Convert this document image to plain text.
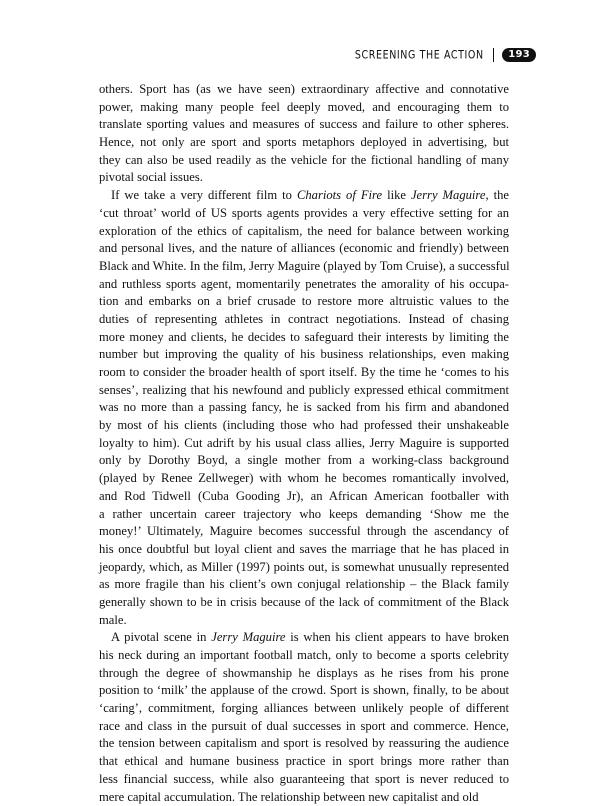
SCREENING THE ACTION	193
others. Sport has (as we have seen) extraordinary affective and connotative
power, making many people feel deeply moved, and encouraging them to
translate sporting values and measures of success and failure to other spheres.
Hence, not only are sport and sports metaphors deployed in advertising, but
they can also be used readily as the vehicle for the fictional handling of many
pivotal social issues.
If we take a very different film to Chariots of Fire like Jerry Maguire, the
‘cut throat’ world of US sports agents provides a very effective setting for an
exploration of the ethics of capitalism, the need for balance between working
and personal lives, and the nature of alliances (economic and friendly) between
Black and White. In the film, Jerry Maguire (played by Tom Cruise), a successful
and ruthless sports agent, momentarily penetrates the amorality of his occupa-
tion and embarks on a brief crusade to restore more altruistic values to the
duties of representing athletes in contract negotiations. Instead of chasing
more money and clients, he decides to safeguard their interests by limiting the
number but improving the quality of his business relationships, even making
room to consider the broader health of sport itself. By the time he ‘comes to his
senses’, realizing that his newfound and publicly expressed ethical commitment
was no more than a passing fancy, he is sacked from his firm and abandoned
by most of his clients (including those who had professed their unshakeable
loyalty to him). Cut adrift by his usual class allies, Jerry Maguire is supported
only by Dorothy Boyd, a single mother from a working-class background
(played by Renee Zellweger) with whom he becomes romantically involved,
and Rod Tidwell (Cuba Gooding Jr), an African American footballer with
a rather uncertain career trajectory who keeps demanding ‘Show me the
money!’ Ultimately, Maguire becomes successful through the ascendancy of
his once doubtful but loyal client and saves the marriage that he has placed in
jeopardy, which, as Miller (1997) points out, is somewhat unusually represented
as more fragile than his client’s own conjugal relationship – the Black family
generally shown to be in crisis because of the lack of commitment of the Black
male.
A pivotal scene in Jerry Maguire is when his client appears to have broken
his neck during an important football match, only to become a sports celebrity
through the degree of showmanship he displays as he rises from his prone
position to ‘milk’ the applause of the crowd. Sport is shown, finally, to be about
‘caring’, commitment, forging alliances between unlikely people of different
race and class in the pursuit of dual successes in sport and commerce. Hence,
the tension between capitalism and sport is resolved by reassuring the audience
that ethical and humane business practice in sport brings more rather than
less financial success, while also guaranteeing that sport is never reduced to
mere capital accumulation. The relationship between new capitalist and old
